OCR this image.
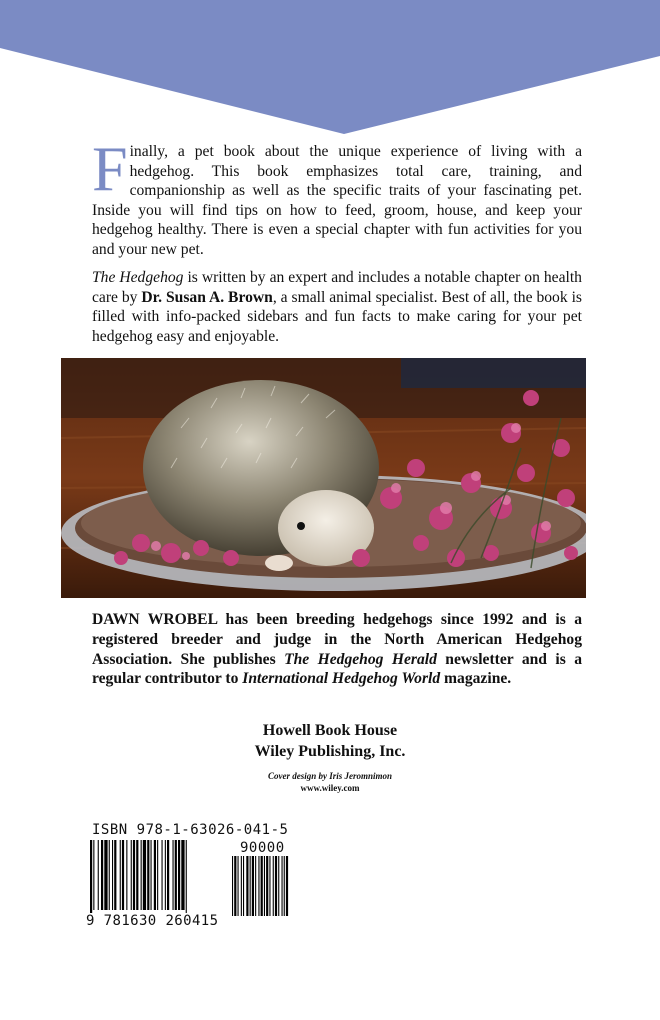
Finally, a pet book about the unique experience of living with a hedgehog. This book emphasizes total care, training, and companionship as well as the specific traits of your fascinating pet. Inside you will find tips on how to feed, groom, house, and keep your hedgehog healthy. There is even a special chapter with fun activities for you and your new pet.

The Hedgehog is written by an expert and includes a notable chapter on health care by Dr. Susan A. Brown, a small animal specialist. Best of all, the book is filled with info-packed sidebars and fun facts to make caring for your pet hedgehog easy and enjoyable.

DAWN WROBEL has been breeding hedgehogs since 1992 and is a registered breeder and judge in the North American Hedgehog Association. She publishes The Hedgehog Herald newsletter and is a regular contributor to International Hedgehog World magazine.

Howell Book House
Wiley Publishing, Inc.
Cover design by Iris Jeromnimon
www.wiley.com
ISBN 978-1-63026-041-5
90000
9 781630 260415
